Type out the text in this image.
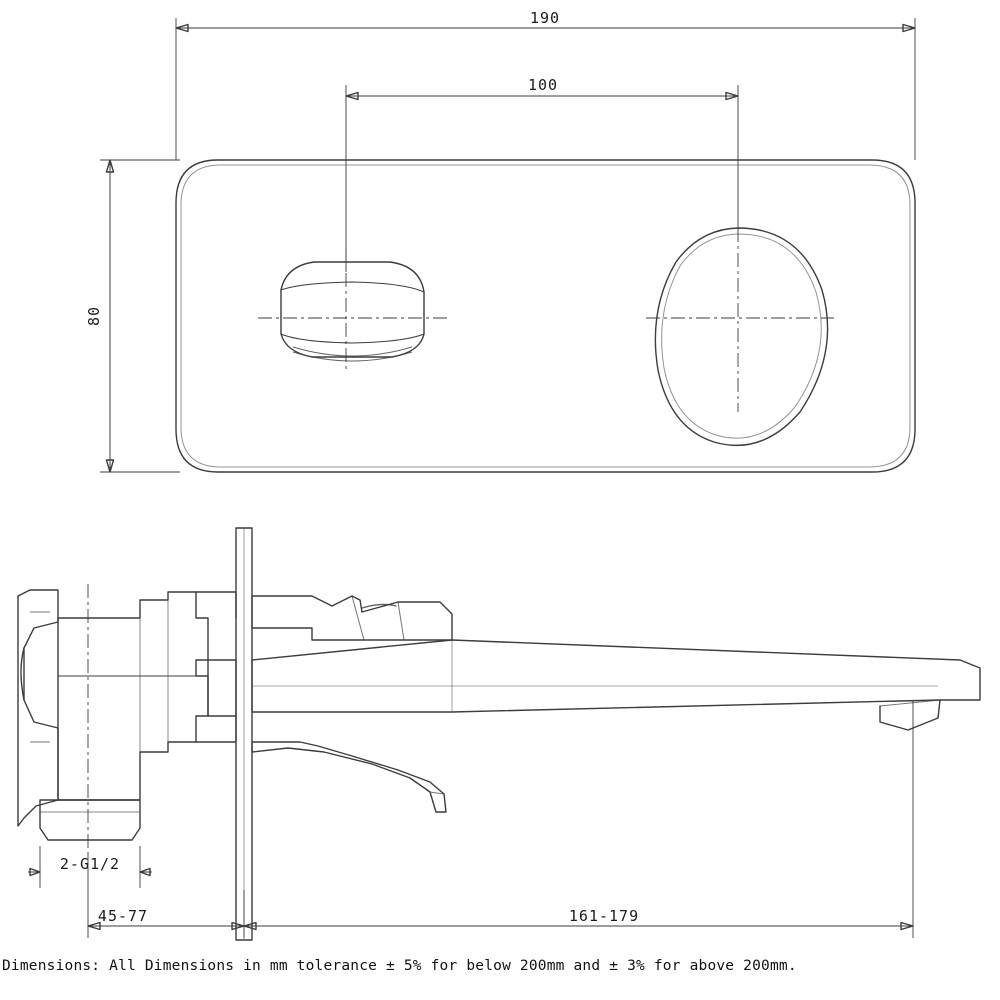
190
100
80
2-G1/2
45-77	161-179
Dimensions: All Dimensions in mm tolerance ± 5% for below 200mm and ± 3% for above 200mm.
